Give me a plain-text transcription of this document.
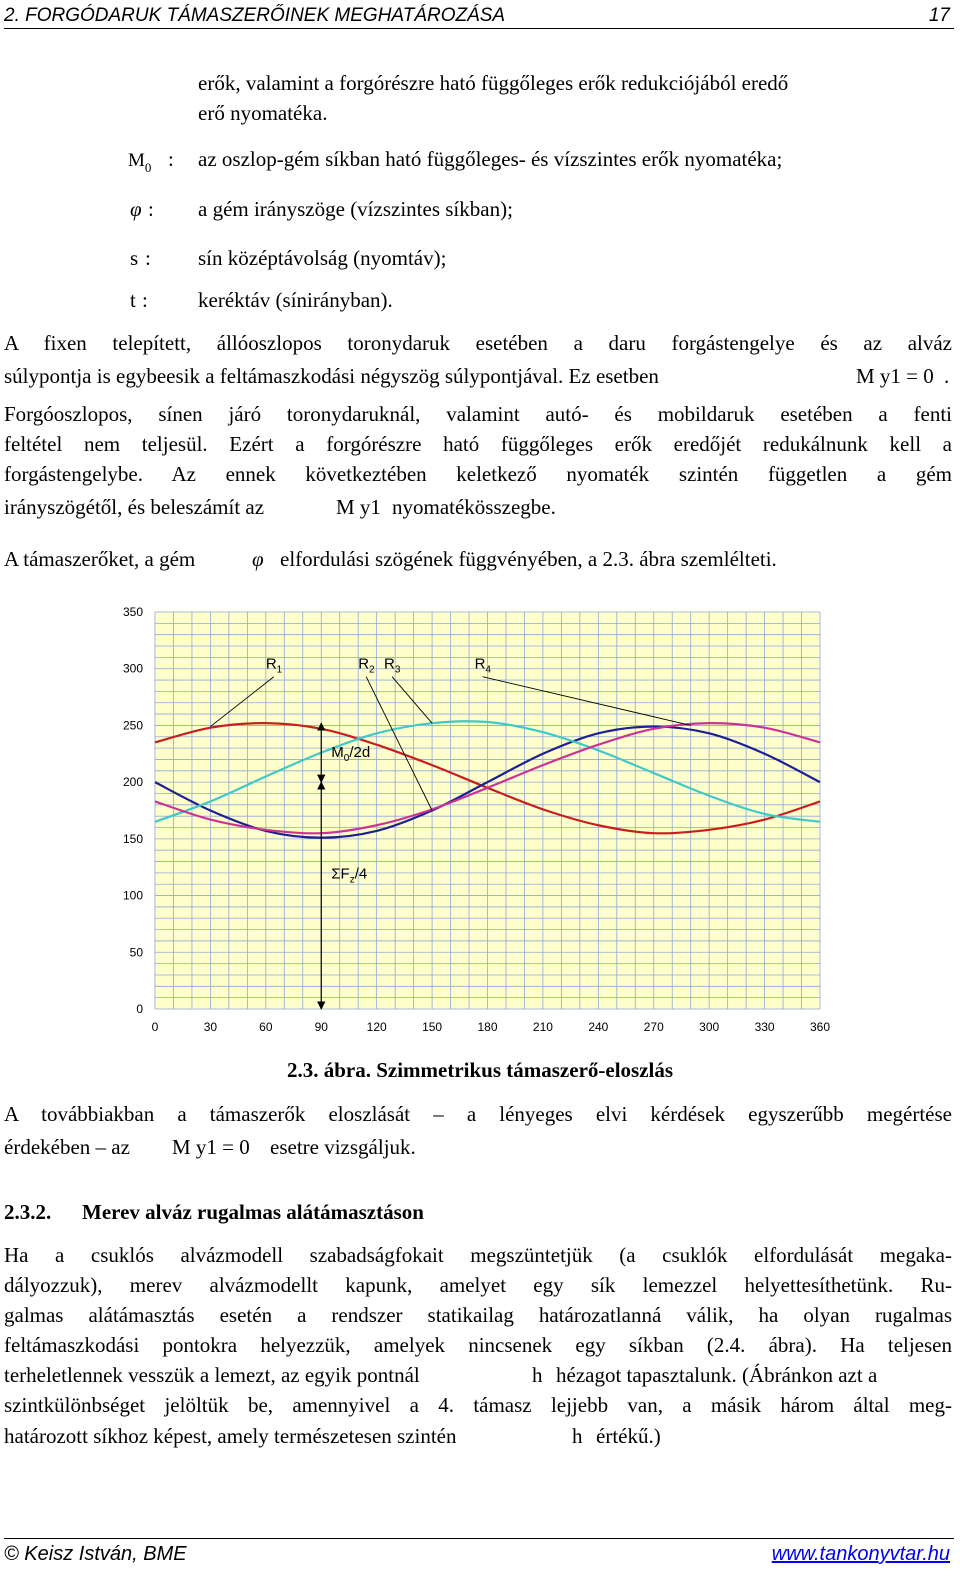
2. FORGÓDARUK TÁMASZERŐINEK MEGHATÁROZÁSA	17
erők, valamint a forgórészre ható függőleges erők redukciójából eredő
erő nyomatéka.
$M_0$ : az oszlop-gém síkban ható függőleges- és vízszintes erők nyomatéka;
φ : a gém irányszöge (vízszintes síkban);
s : sín középtávolság (nyomtáv);
t : keréktáv (sínirányban).
A fixen telepített, állóoszlopos toronydaruk esetében a daru forgástengelye és az alváz
súlypontja is egybeesik a feltámaszkodási négyszög súlypontjával. Ez esetben	M y1 = 0 .
Forgóoszlopos, sínen járó toronydaruknál, valamint autó- és mobildaruk esetében a fenti
feltétel nem teljesül. Ezért a forgórészre ható függőleges erők eredőjét redukálnunk kell a
forgástengelybe. Az ennek következtében keletkező nyomaték szintén független a gém
irányszögétől, és beleszámít az	M y1 nyomatékösszegbe.
A támaszerőket, a gém	φ elfordulási szögének függvényében, a 2.3. ábra szemlélteti.
0
50
100
150
200
250
300
350
0	30	60	90	120	150	180	210	240	270	300	330	360
$R_1$	$R_2$ $R_3$	$R_4$
$M_0/2d$
$\Sigma F_z/4$
2.3. ábra. Szimmetrikus támaszerő-eloszlás
A továbbiakban a támaszerők eloszlását – a lényeges elvi kérdések egyszerűbb megértése
érdekében – az M y1 = 0 esetre vizsgáljuk.
2.3.2. Merev alváz rugalmas alátámasztáson
Ha a csuklós alvázmodell szabadságfokait megszüntetjük (a csuklók elfordulását megaka-
dályozzuk), merev alvázmodellt kapunk, amelyet egy sík lemezzel helyettesíthetünk. Ru-
galmas alátámasztás esetén a rendszer statikailag határozatlanná válik, ha olyan rugalmas
feltámaszkodási pontokra helyezzük, amelyek nincsenek egy síkban (2.4. ábra). Ha teljesen
terheletlennek vesszük a lemezt, az egyik pontnál	h hézagot tapasztalunk. (Ábránkon azt a
szintkülönbséget jelöltük be, amennyivel a 4. támasz lejjebb van, a másik három által meg-
határozott síkhoz képest, amely természetesen szintén	h értékű.)
© Keisz István, BME	www.tankonyvtar.hu
